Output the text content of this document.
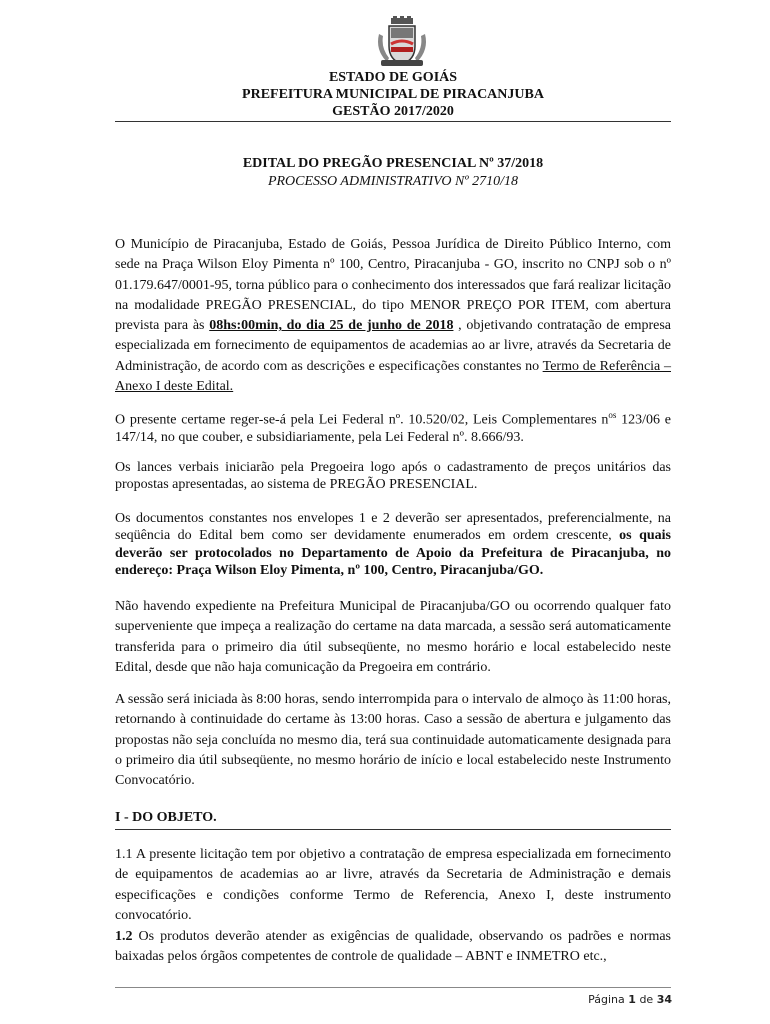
ESTADO DE GOIÁS
PREFEITURA MUNICIPAL DE PIRACANJUBA
GESTÃO 2017/2020
EDITAL DO PREGÃO PRESENCIAL Nº 37/2018
PROCESSO ADMINISTRATIVO Nº 2710/18
O Município de Piracanjuba, Estado de Goiás, Pessoa Jurídica de Direito Público Interno, com sede na Praça Wilson Eloy Pimenta nº 100, Centro, Piracanjuba - GO, inscrito no CNPJ sob o nº 01.179.647/0001-95, torna público para o conhecimento dos interessados que fará realizar licitação na modalidade PREGÃO PRESENCIAL, do tipo MENOR PREÇO POR ITEM, com abertura prevista para às 08hs:00min, do dia 25 de junho de 2018 , objetivando contratação de empresa especializada em fornecimento de equipamentos de academias ao ar livre, através da Secretaria de Administração, de acordo com as descrições e especificações constantes no Termo de Referência – Anexo I deste Edital.
O presente certame reger-se-á pela Lei Federal nº. 10.520/02, Leis Complementares $n^{os}$ 123/06 e 147/14, no que couber, e subsidiariamente, pela Lei Federal nº. 8.666/93.
Os lances verbais iniciarão pela Pregoeira logo após o cadastramento de preços unitários das propostas apresentadas, ao sistema de PREGÃO PRESENCIAL.
Os documentos constantes nos envelopes 1 e 2 deverão ser apresentados, preferencialmente, na seqüência do Edital bem como ser devidamente enumerados em ordem crescente, os quais deverão ser protocolados no Departamento de Apoio da Prefeitura de Piracanjuba, no endereço: Praça Wilson Eloy Pimenta, nº 100, Centro, Piracanjuba/GO.
Não havendo expediente na Prefeitura Municipal de Piracanjuba/GO ou ocorrendo qualquer fato superveniente que impeça a realização do certame na data marcada, a sessão será automaticamente transferida para o primeiro dia útil subseqüente, no mesmo horário e local estabelecido neste Edital, desde que não haja comunicação da Pregoeira em contrário.
A sessão será iniciada às 8:00 horas, sendo interrompida para o intervalo de almoço às 11:00 horas, retornando à continuidade do certame às 13:00 horas. Caso a sessão de abertura e julgamento das propostas não seja concluída no mesmo dia, terá sua continuidade automaticamente designada para o primeiro dia útil subseqüente, no mesmo horário de início e local estabelecido neste Instrumento Convocatório.
I - DO OBJETO.
1.1 A presente licitação tem por objetivo a contratação de empresa especializada em fornecimento de equipamentos de academias ao ar livre, através da Secretaria de Administração e demais especificações e condições conforme Termo de Referencia, Anexo I, deste instrumento convocatório.
1.2 Os produtos deverão atender as exigências de qualidade, observando os padrões e normas baixadas pelos órgãos competentes de controle de qualidade – ABNT e INMETRO etc.,
Página 1 de 34
